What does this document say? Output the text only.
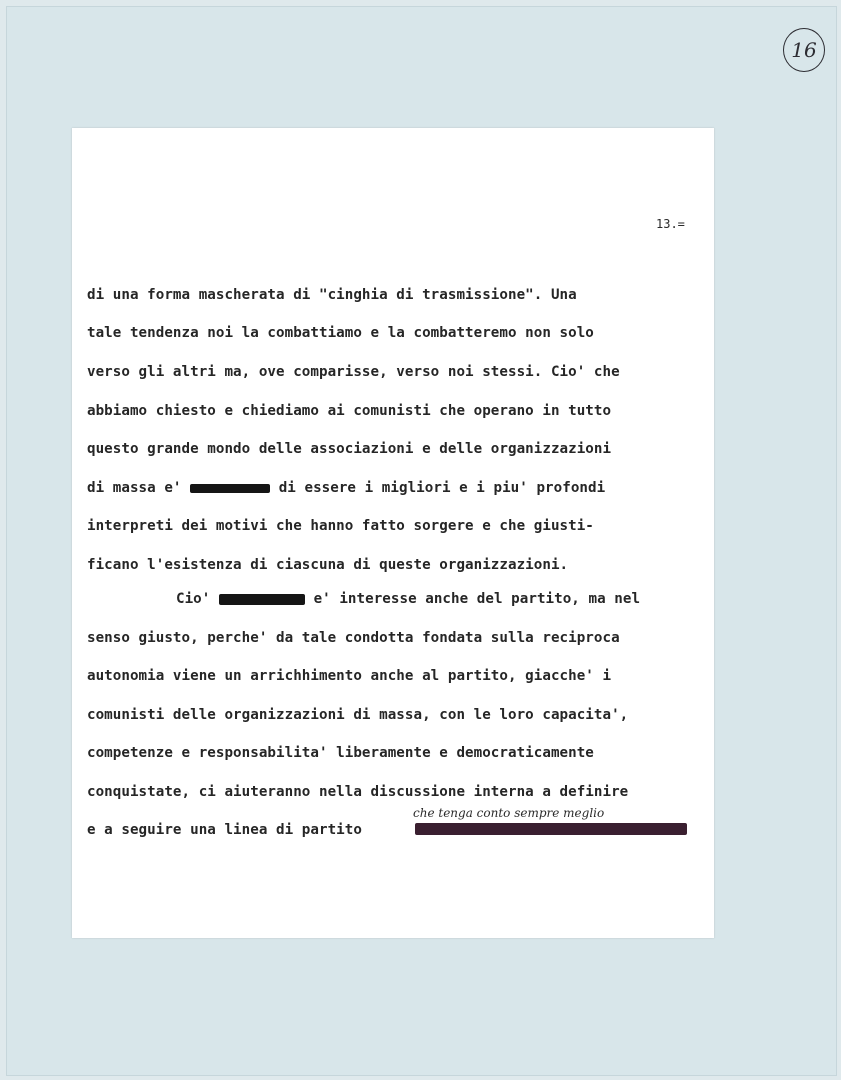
16
13.=
di una forma mascherata di "cinghia di trasmissione". Una
tale tendenza noi la combattiamo e la combatteremo non solo
verso gli altri ma, ove comparisse, verso noi stessi. Cio' che
abbiamo chiesto e chiediamo ai comunisti che operano in tutto
questo grande mondo delle associazioni e delle organizzazioni
di massa e'	di essere i migliori e i piu' profondi
interpreti dei motivi che hanno fatto sorgere e che giusti-
ficano l'esistenza di ciascuna di queste organizzazioni.
Cio'	e' interesse anche del partito, ma nel
senso giusto, perche' da tale condotta fondata sulla reciproca
autonomia viene un arrichhimento anche al partito, giacche' i
comunisti delle organizzazioni di massa, con le loro capacita',
competenze e responsabilita' liberamente e democraticamente
conquistate, ci aiuteranno nella discussione interna a definire
e a seguire una linea di partito
che tenga conto sempre meglio
